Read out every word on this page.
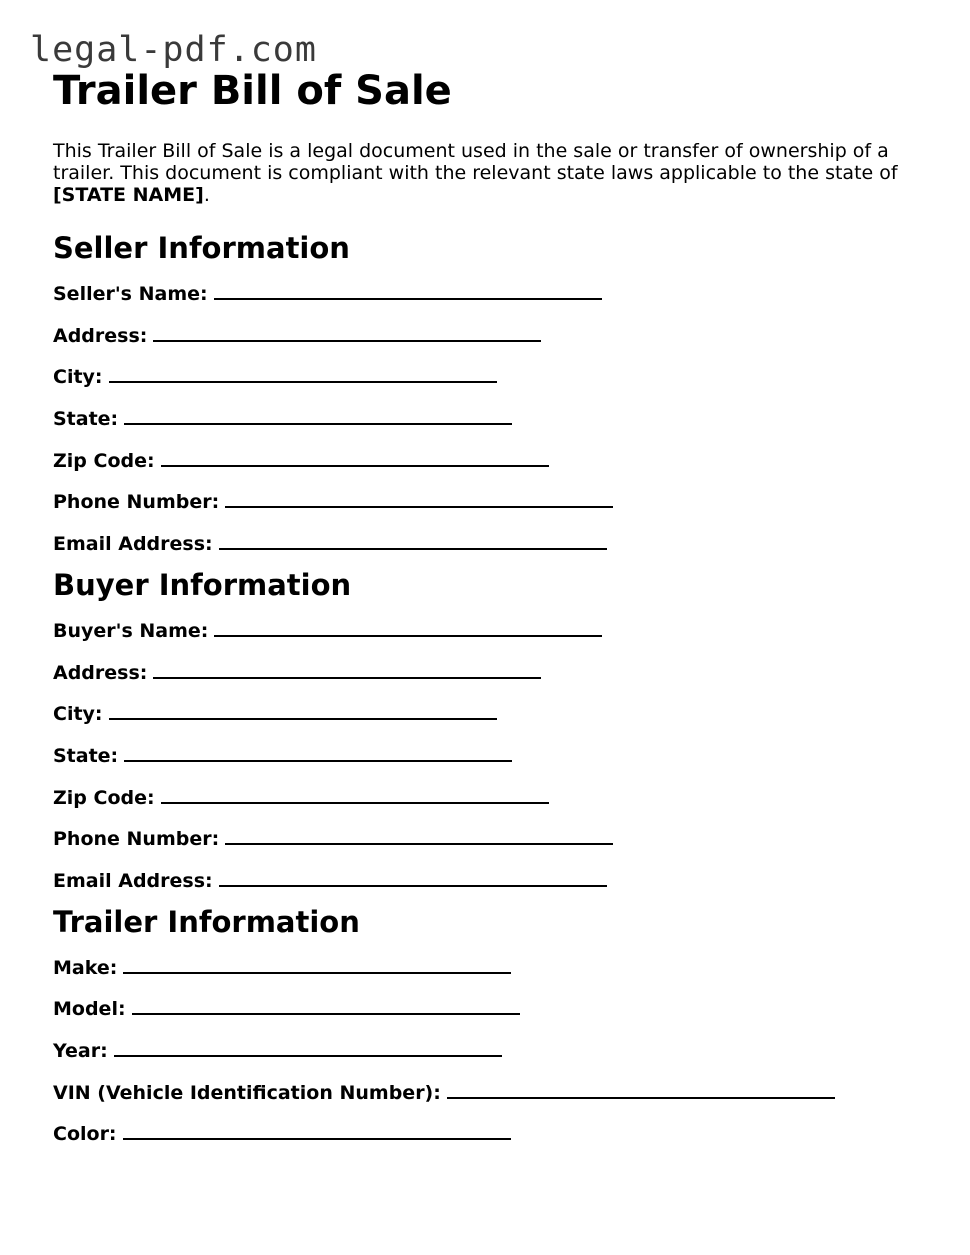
legal-pdf.com
Trailer Bill of Sale

This Trailer Bill of Sale is a legal document used in the sale or transfer of ownership of a trailer. This document is compliant with the relevant state laws applicable to the state of [STATE NAME].

Seller Information
Seller's Name:
Address:
City:
State:
Zip Code:
Phone Number:
Email Address:
Buyer Information
Buyer's Name:
Address:
City:
State:
Zip Code:
Phone Number:
Email Address:
Trailer Information
Make:
Model:
Year:
VIN (Vehicle Identification Number):
Color:
